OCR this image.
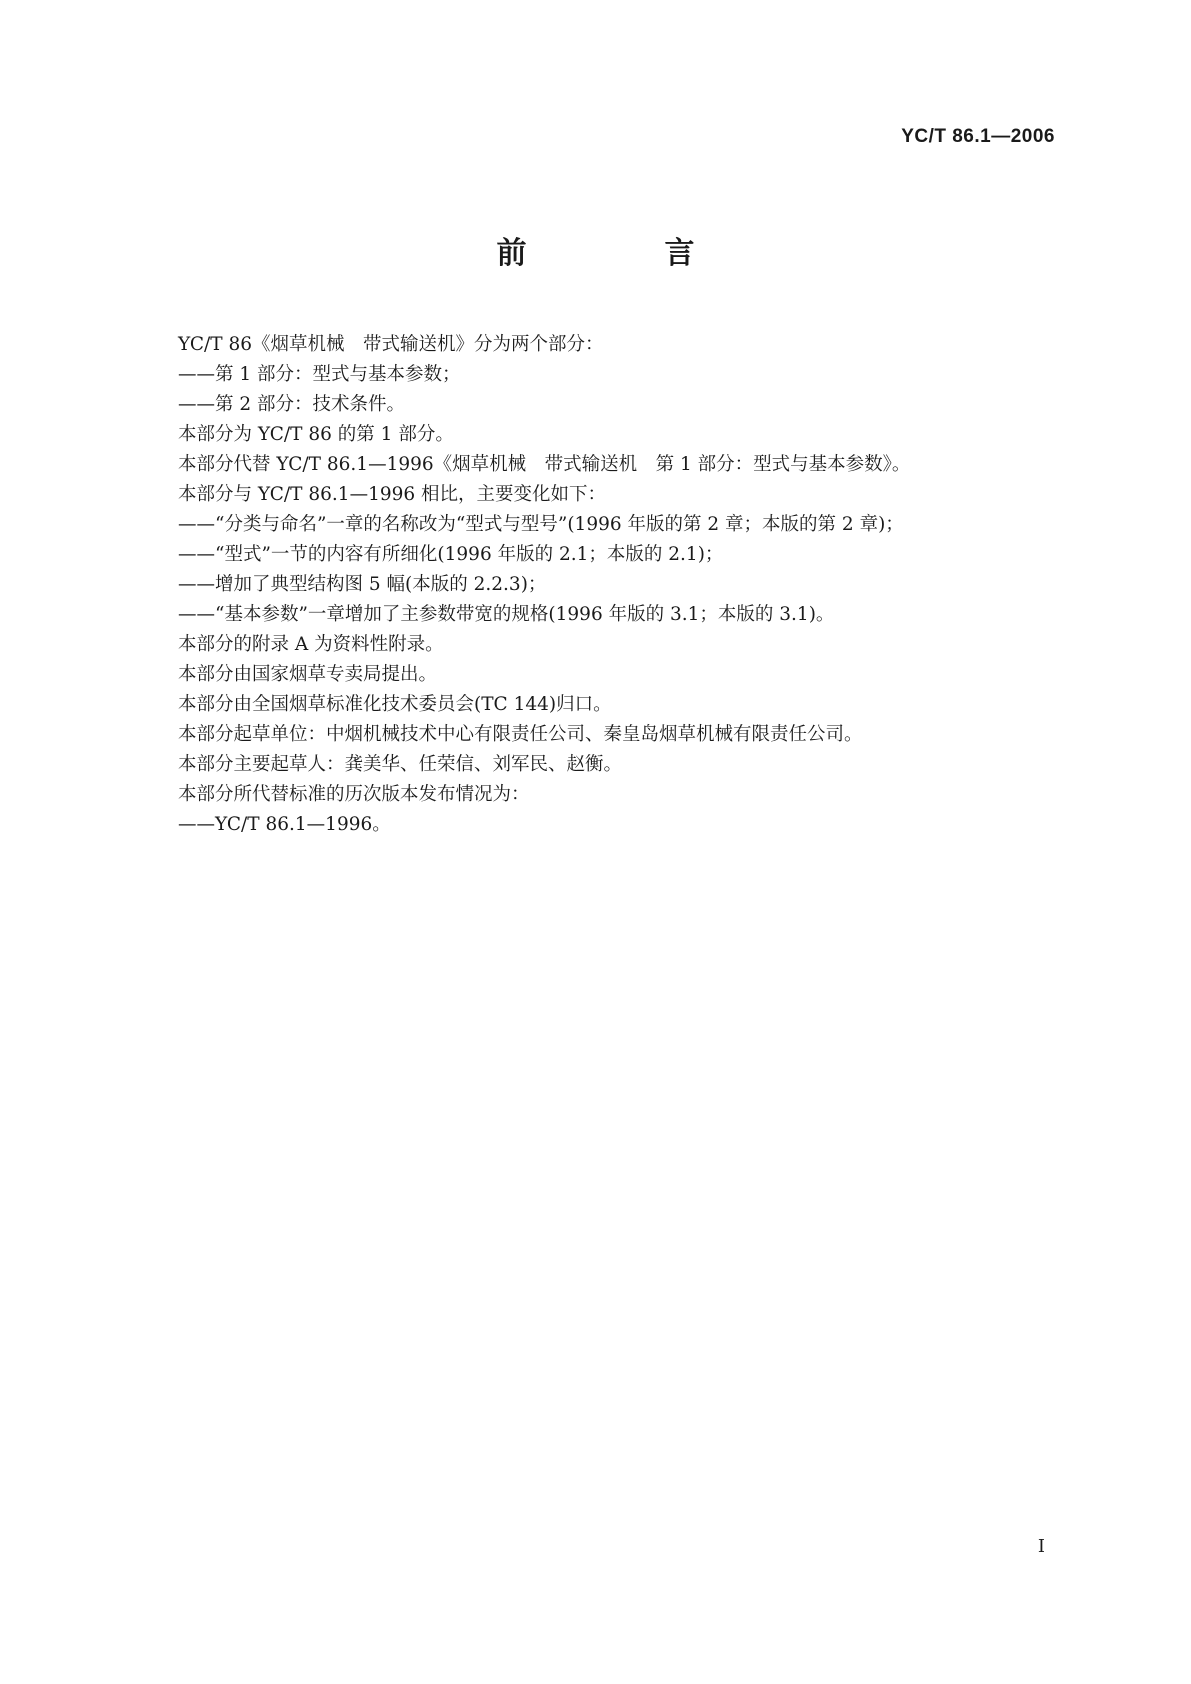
YC/T 86.1—2006
前　言
YC/T 86《烟草机械　带式输送机》分为两个部分：
——第 1 部分：型式与基本参数；
——第 2 部分：技术条件。
本部分为 YC/T 86 的第 1 部分。
本部分代替 YC/T 86.1—1996《烟草机械　带式输送机　第 1 部分：型式与基本参数》。
本部分与 YC/T 86.1—1996 相比，主要变化如下：
——“分类与命名”一章的名称改为“型式与型号”(1996 年版的第 2 章；本版的第 2 章)；
——“型式”一节的内容有所细化(1996 年版的 2.1；本版的 2.1)；
——增加了典型结构图 5 幅(本版的 2.2.3)；
——“基本参数”一章增加了主参数带宽的规格(1996 年版的 3.1；本版的 3.1)。
本部分的附录 A 为资料性附录。
本部分由国家烟草专卖局提出。
本部分由全国烟草标准化技术委员会(TC 144)归口。
本部分起草单位：中烟机械技术中心有限责任公司、秦皇岛烟草机械有限责任公司。
本部分主要起草人：龚美华、任荣信、刘军民、赵衡。
本部分所代替标准的历次版本发布情况为：
——YC/T 86.1—1996。
I
